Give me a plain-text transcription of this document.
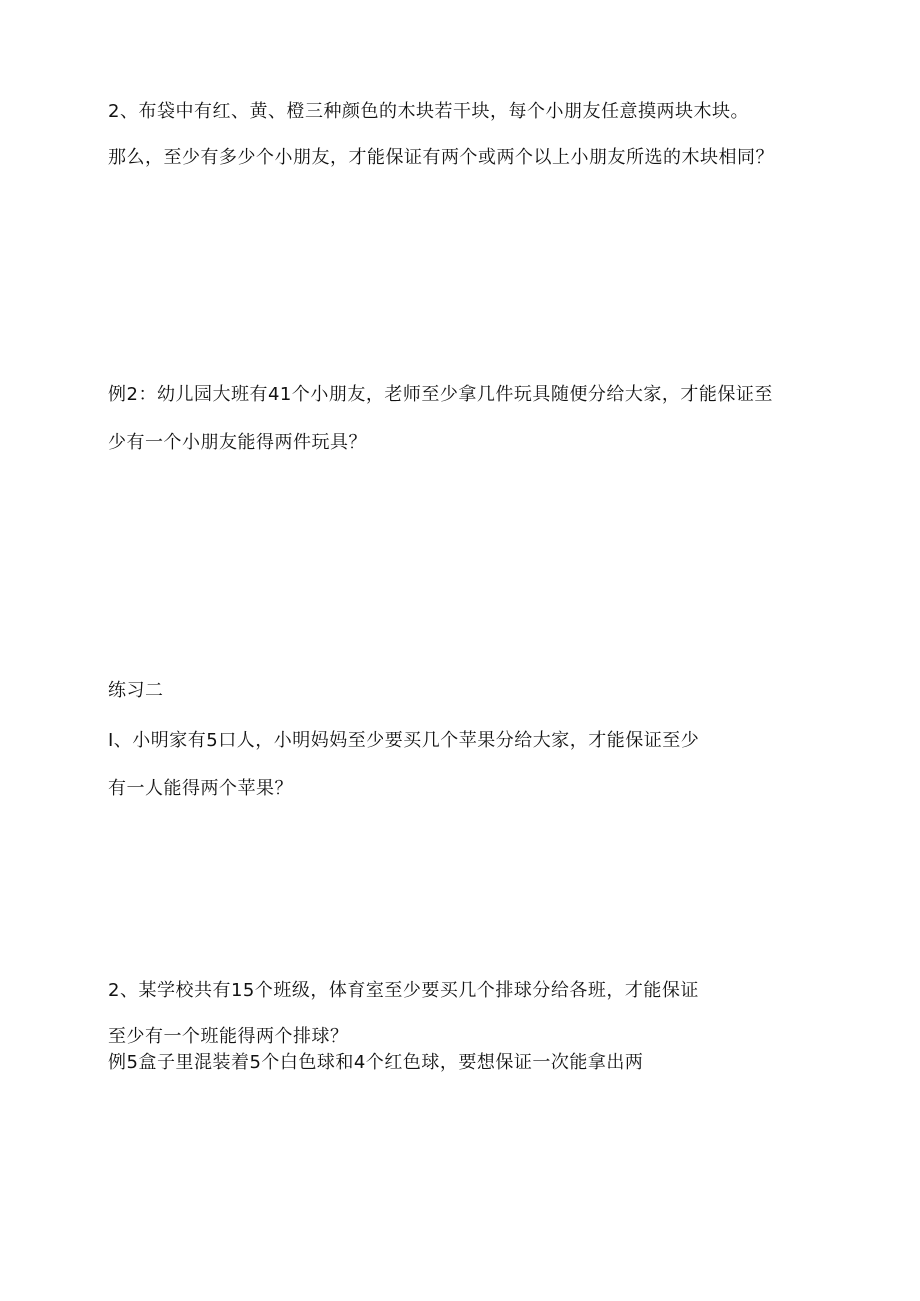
2、布袋中有红、黄、橙三种颜色的木块若干块，每个小朋友任意摸两块木块。
那么，至少有多少个小朋友，才能保证有两个或两个以上小朋友所选的木块相同？
例2：幼儿园大班有41个小朋友，老师至少拿几件玩具随便分给大家，才能保证至
少有一个小朋友能得两件玩具？
练习二
I、小明家有5口人，小明妈妈至少要买几个苹果分给大家，才能保证至少
有一人能得两个苹果？
2、某学校共有15个班级，体育室至少要买几个排球分给各班，才能保证
至少有一个班能得两个排球？
例5盒子里混装着5个白色球和4个红色球，要想保证一次能拿出两
